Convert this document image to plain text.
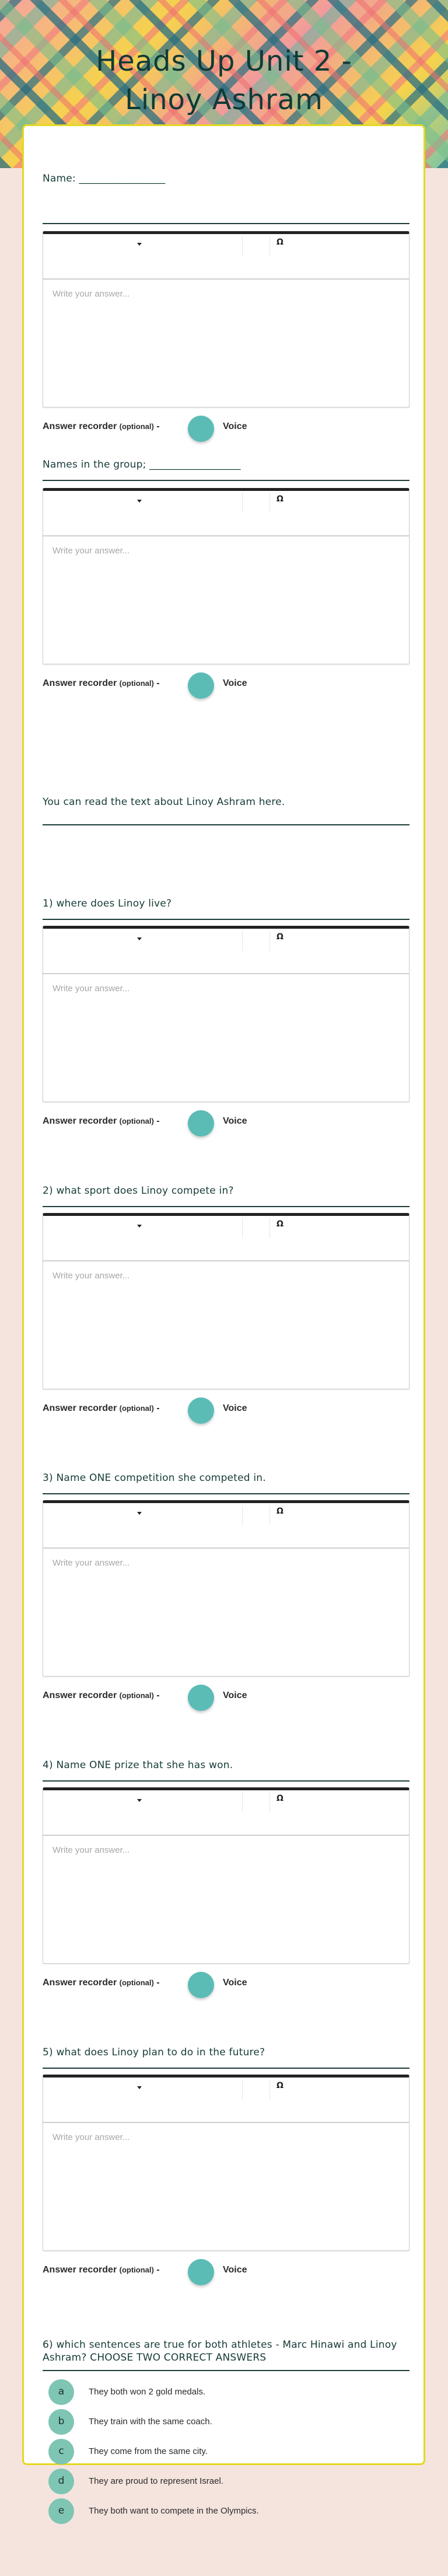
Heads Up Unit 2 -
Linoy Ashram
Name: _________________
Ω
Write your answer...
Answer recorder (optional) -	Voice
Names in the group; __________________
Ω
Write your answer...
Answer recorder (optional) -	Voice
You can read the text about Linoy Ashram here.
1) where does Linoy live?
Ω
Write your answer...
Answer recorder (optional) -	Voice
2) what sport does Linoy compete in?
Ω
Write your answer...
Answer recorder (optional) -	Voice
3) Name ONE competition she competed in.
Ω
Write your answer...
Answer recorder (optional) -	Voice
4) Name ONE prize that she has won.
Ω
Write your answer...
Answer recorder (optional) -	Voice
5) what does Linoy plan to do in the future?
Ω
Write your answer...
Answer recorder (optional) -	Voice
6) which sentences are true for both athletes - Marc Hinawi and Linoy Ashram? CHOOSE TWO CORRECT ANSWERS
a	They both won 2 gold medals.
b	They train with the same coach.
c	They come from the same city.
d	They are proud to represent Israel.
e	They both want to compete in the Olympics.
